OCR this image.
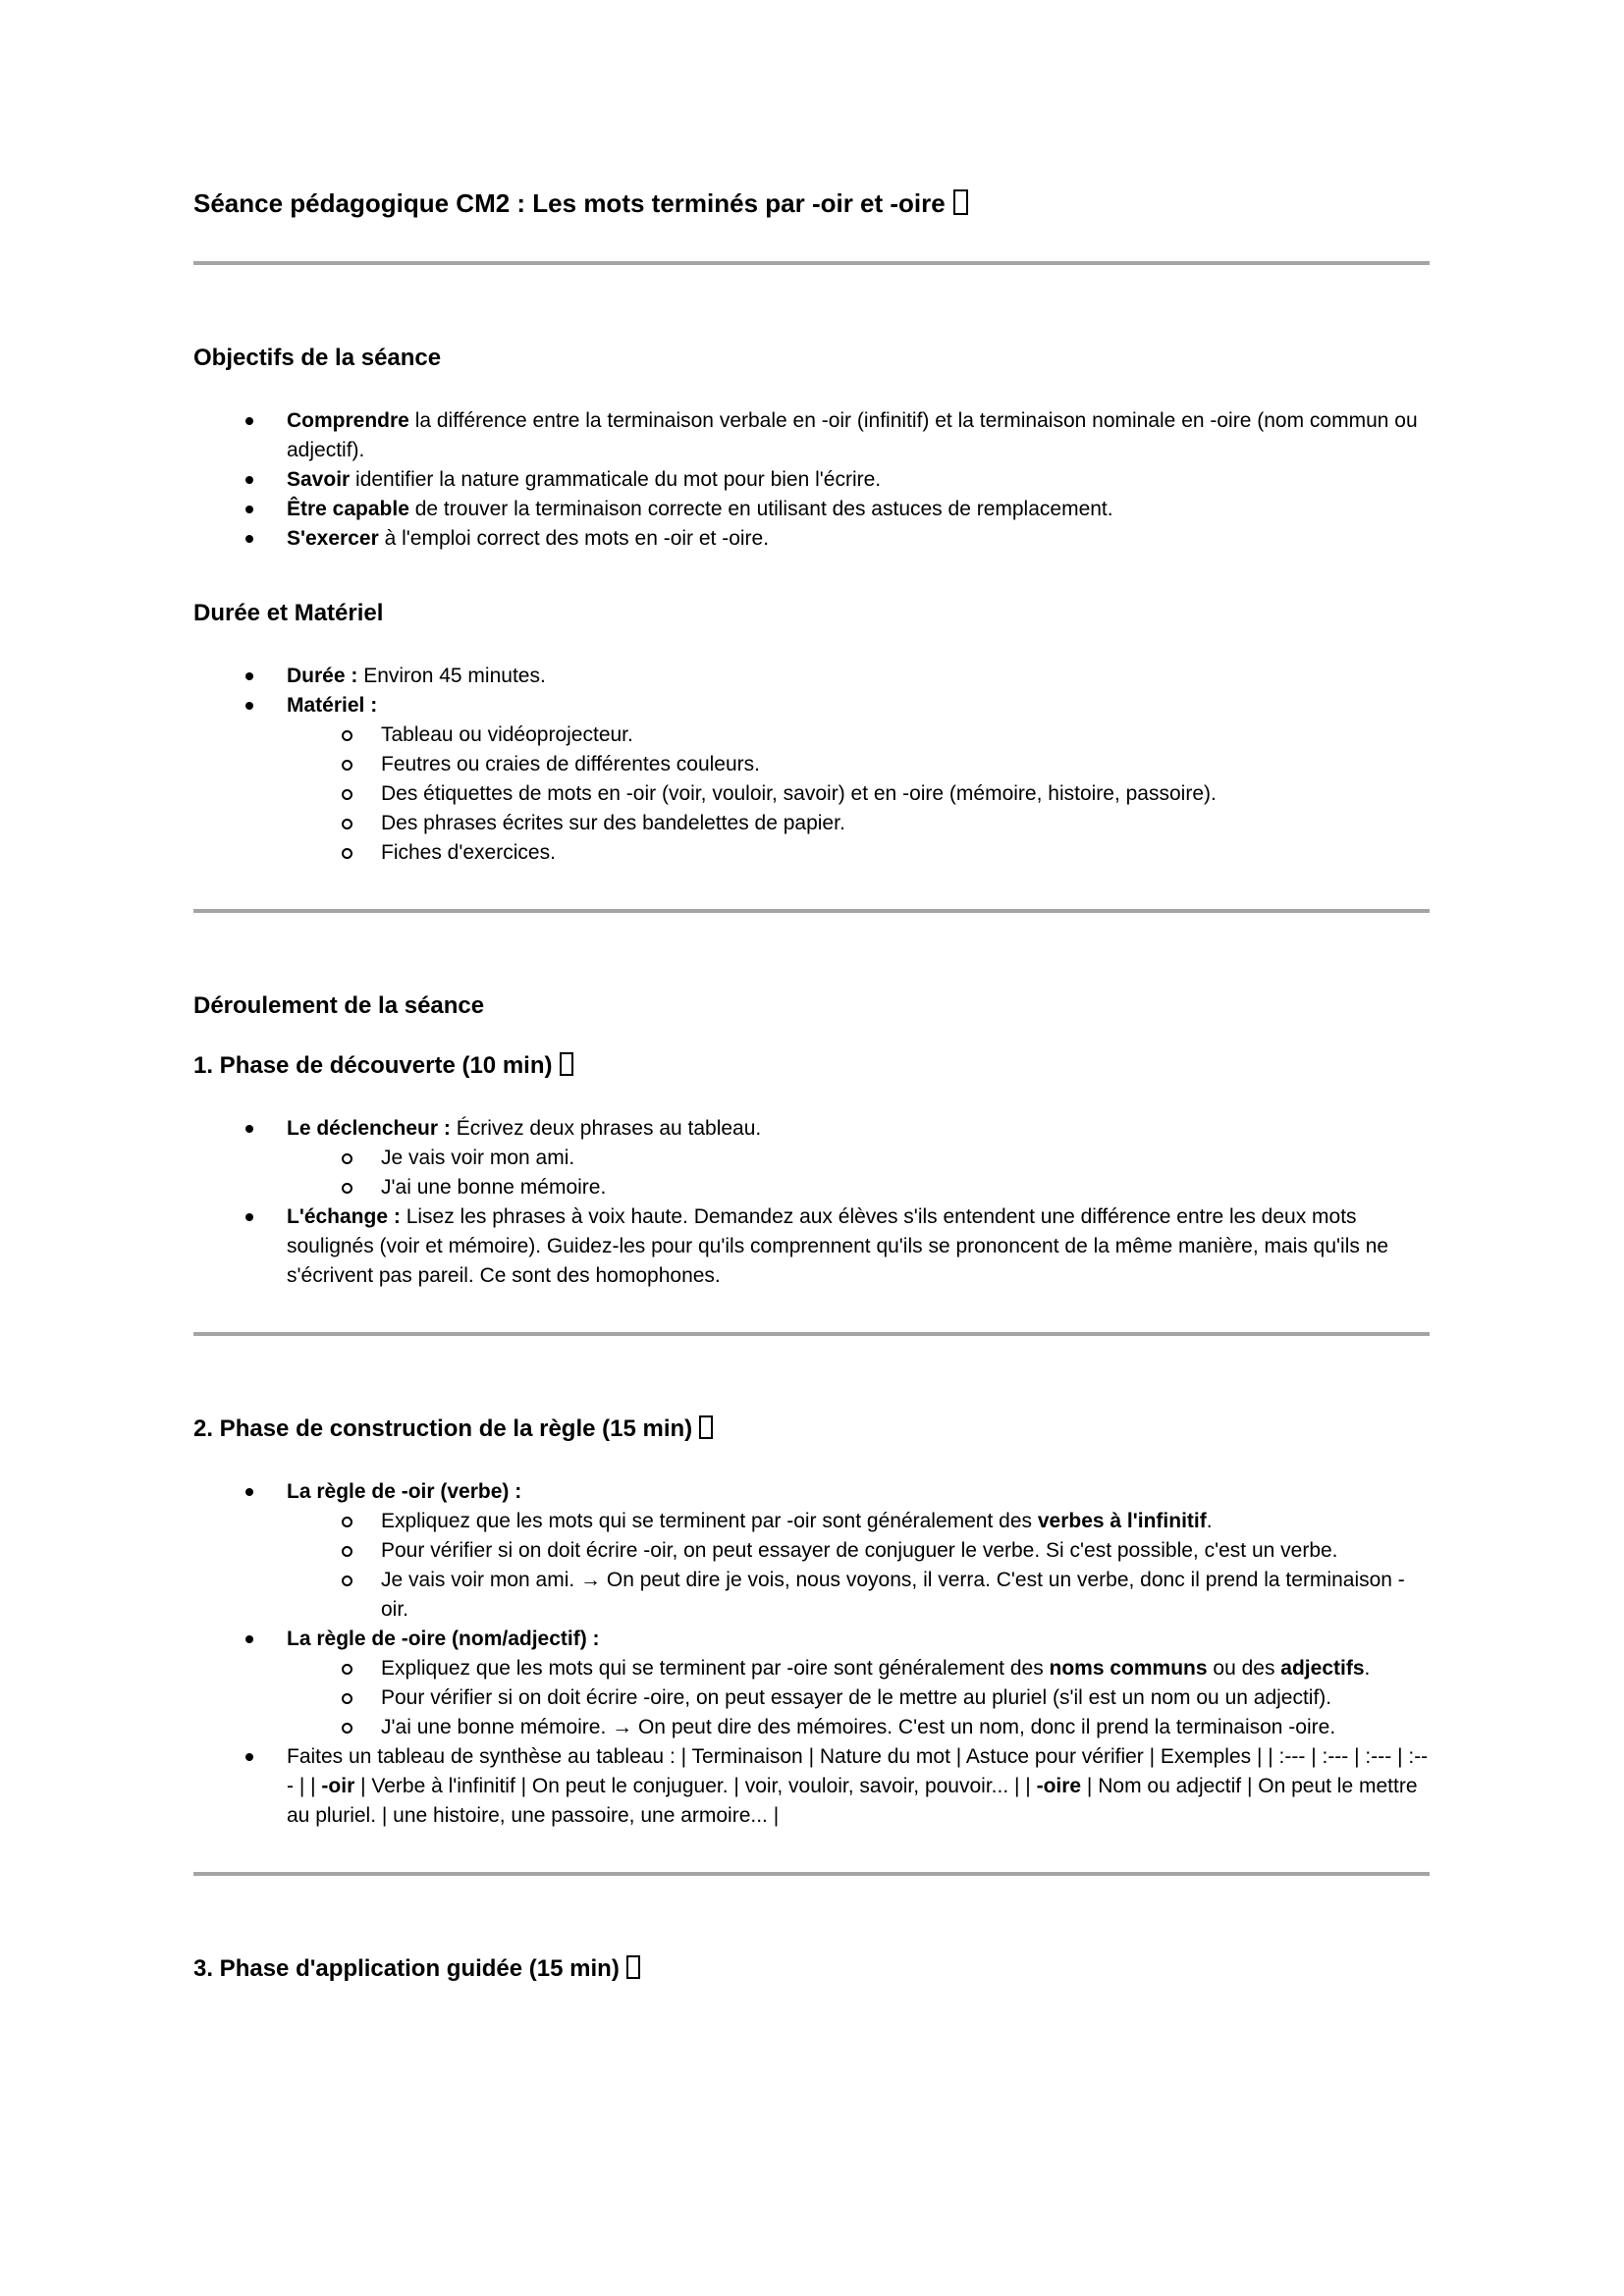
Séance pédagogique CM2 : Les mots terminés par -oir et -oire
Objectifs de la séance
Comprendre la différence entre la terminaison verbale en -oir (infinitif) et la terminaison nominale en -oire (nom commun ou adjectif).
Savoir identifier la nature grammaticale du mot pour bien l'écrire.
Être capable de trouver la terminaison correcte en utilisant des astuces de remplacement.
S'exercer à l'emploi correct des mots en -oir et -oire.
Durée et Matériel
Durée : Environ 45 minutes.
Matériel :
Tableau ou vidéoprojecteur.
Feutres ou craies de différentes couleurs.
Des étiquettes de mots en -oir (voir, vouloir, savoir) et en -oire (mémoire, histoire, passoire).
Des phrases écrites sur des bandelettes de papier.
Fiches d'exercices.
Déroulement de la séance
1. Phase de découverte (10 min)
Le déclencheur : Écrivez deux phrases au tableau.
Je vais voir mon ami.
J'ai une bonne mémoire.
L'échange : Lisez les phrases à voix haute. Demandez aux élèves s'ils entendent une différence entre les deux mots soulignés (voir et mémoire). Guidez-les pour qu'ils comprennent qu'ils se prononcent de la même manière, mais qu'ils ne s'écrivent pas pareil. Ce sont des homophones.
2. Phase de construction de la règle (15 min)
La règle de -oir (verbe) :
Expliquez que les mots qui se terminent par -oir sont généralement des verbes à l'infinitif.
Pour vérifier si on doit écrire -oir, on peut essayer de conjuguer le verbe. Si c'est possible, c'est un verbe.
Je vais voir mon ami. → On peut dire je vois, nous voyons, il verra. C'est un verbe, donc il prend la terminaison -oir.
La règle de -oire (nom/adjectif) :
Expliquez que les mots qui se terminent par -oire sont généralement des noms communs ou des adjectifs.
Pour vérifier si on doit écrire -oire, on peut essayer de le mettre au pluriel (s'il est un nom ou un adjectif).
J'ai une bonne mémoire. → On peut dire des mémoires. C'est un nom, donc il prend la terminaison -oire.
Faites un tableau de synthèse au tableau : | Terminaison | Nature du mot | Astuce pour vérifier | Exemples | | :--- | :--- | :--- | :--- | | -oir | Verbe à l'infinitif | On peut le conjuguer. | voir, vouloir, savoir, pouvoir... | | -oire | Nom ou adjectif | On peut le mettre au pluriel. | une histoire, une passoire, une armoire... |
3. Phase d'application guidée (15 min)
